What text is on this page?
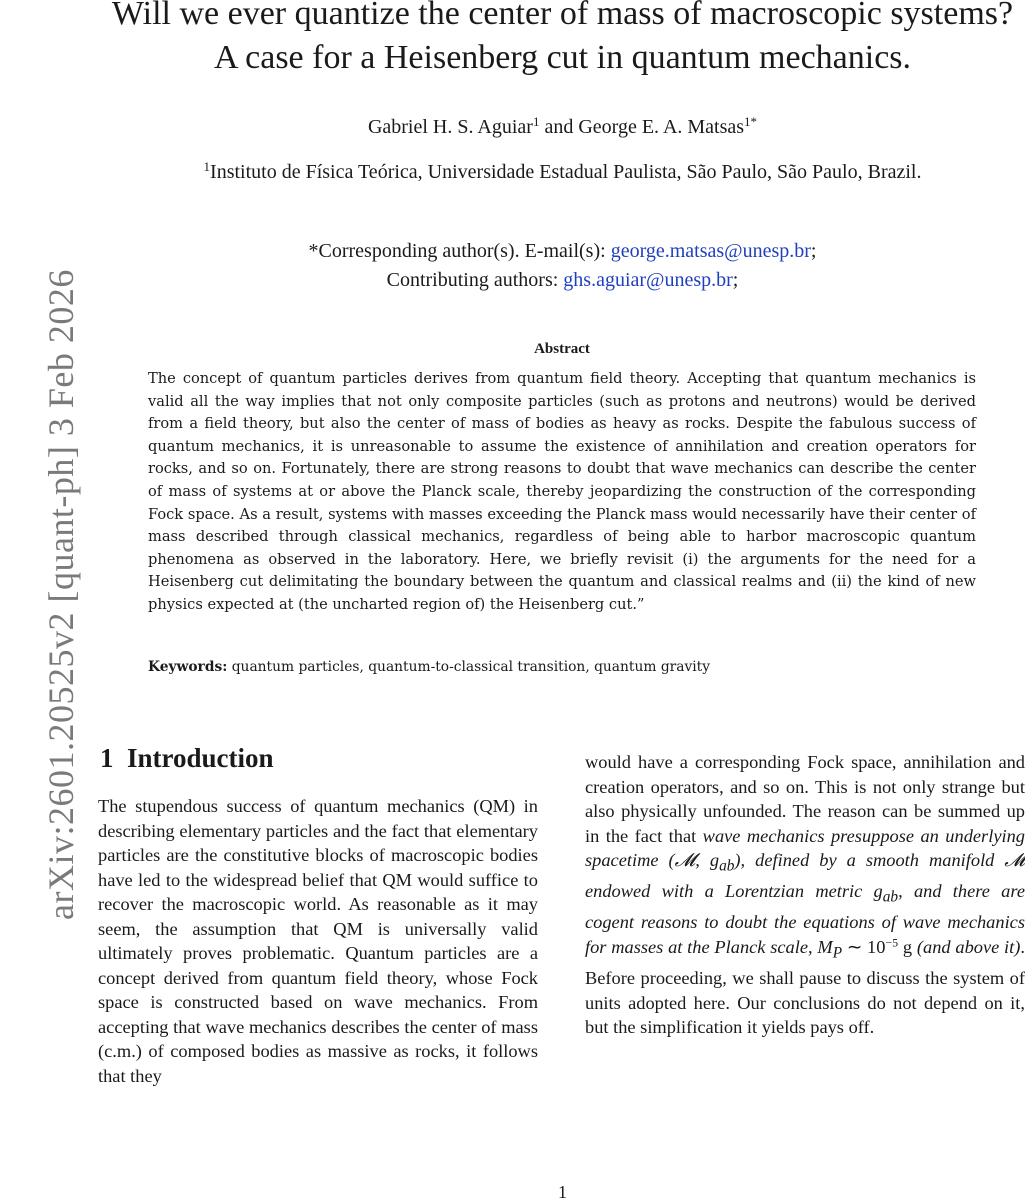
arXiv:2601.20525v2 [quant-ph] 3 Feb 2026
Will we ever quantize the center of mass of macroscopic systems? A case for a Heisenberg cut in quantum mechanics.
Gabriel H. S. Aguiar$^1$ and George E. A. Matsas$^{1*}$
$^1$Instituto de Física Teórica, Universidade Estadual Paulista, São Paulo, São Paulo, Brazil.
*Corresponding author(s). E-mail(s): george.matsas@unesp.br;
Contributing authors: ghs.aguiar@unesp.br;
Abstract
The concept of quantum particles derives from quantum field theory. Accepting that quantum mechanics is valid all the way implies that not only composite particles (such as protons and neutrons) would be derived from a field theory, but also the center of mass of bodies as heavy as rocks. Despite the fabulous success of quantum mechanics, it is unreasonable to assume the existence of annihilation and creation operators for rocks, and so on. Fortunately, there are strong reasons to doubt that wave mechanics can describe the center of mass of systems at or above the Planck scale, thereby jeopardizing the construction of the corresponding Fock space. As a result, systems with masses exceeding the Planck mass would necessarily have their center of mass described through classical mechanics, regardless of being able to harbor macroscopic quantum phenomena as observed in the laboratory. Here, we briefly revisit (i) the arguments for the need for a Heisenberg cut delimitating the boundary between the quantum and classical realms and (ii) the kind of new physics expected at (the uncharted region of) the Heisenberg cut.”
Keywords: quantum particles, quantum-to-classical transition, quantum gravity
1 Introduction

The stupendous success of quantum mechanics (QM) in describing elementary particles and the fact that elementary particles are the constitutive blocks of macroscopic bodies have led to the widespread belief that QM would suffice to recover the macroscopic world. As reasonable as it may seem, the assumption that QM is universally valid ultimately proves problematic. Quantum particles are a concept derived from quantum field theory, whose Fock space is constructed based on wave mechanics. From accepting that wave mechanics describes the center of mass (c.m.) of composed bodies as massive as rocks, it follows that they

would have a corresponding Fock space, annihilation and creation operators, and so on. This is not only strange but also physically unfounded. The reason can be summed up in the fact that wave mechanics presuppose an underlying spacetime (𝓜, $g_{ab}$), defined by a smooth manifold 𝓜 endowed with a Lorentzian metric $g_{ab}$, and there are cogent reasons to doubt the equations of wave mechanics for masses at the Planck scale, $M_P$ ∼ $10^{-5}$ g (and above it). Before proceeding, we shall pause to discuss the system of units adopted here. Our conclusions do not depend on it, but the simplification it yields pays off.

1
